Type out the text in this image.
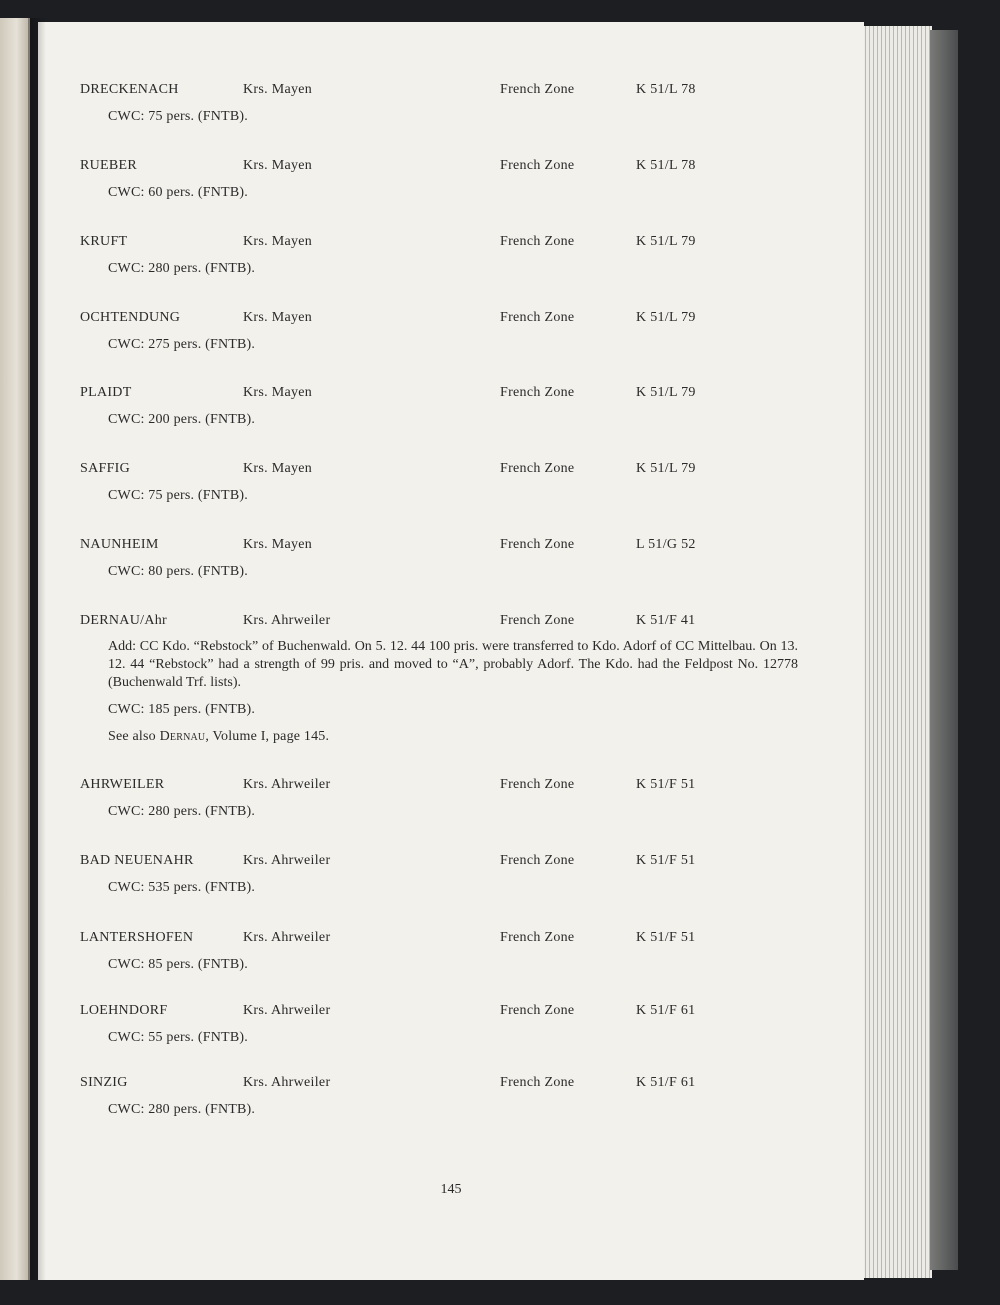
DRECKENACH	Krs. Mayen	French Zone	K 51/L 78
CWC: 75 pers. (FNTB).
RUEBER	Krs. Mayen	French Zone	K 51/L 78
CWC: 60 pers. (FNTB).
KRUFT	Krs. Mayen	French Zone	K 51/L 79
CWC: 280 pers. (FNTB).
OCHTENDUNG	Krs. Mayen	French Zone	K 51/L 79
CWC: 275 pers. (FNTB).
PLAIDT	Krs. Mayen	French Zone	K 51/L 79
CWC: 200 pers. (FNTB).
SAFFIG	Krs. Mayen	French Zone	K 51/L 79
CWC: 75 pers. (FNTB).
NAUNHEIM	Krs. Mayen	French Zone	L 51/G 52
CWC: 80 pers. (FNTB).
DERNAU/Ahr	Krs. Ahrweiler	French Zone	K 51/F 41
Add: CC Kdo. “Rebstock” of Buchenwald. On 5. 12. 44 100 pris. were transferred to Kdo. Adorf of CC Mittelbau. On 13. 12. 44 “Rebstock” had a strength of 99 pris. and moved to “A”, probably Adorf. The Kdo. had the Feldpost No. 12778 (Buchenwald Trf. lists).
CWC: 185 pers. (FNTB).
See also Dernau, Volume I, page 145.
AHRWEILER	Krs. Ahrweiler	French Zone	K 51/F 51
CWC: 280 pers. (FNTB).
BAD NEUENAHR	Krs. Ahrweiler	French Zone	K 51/F 51
CWC: 535 pers. (FNTB).
LANTERSHOFEN	Krs. Ahrweiler	French Zone	K 51/F 51
CWC: 85 pers. (FNTB).
LOEHNDORF	Krs. Ahrweiler	French Zone	K 51/F 61
CWC: 55 pers. (FNTB).
SINZIG	Krs. Ahrweiler	French Zone	K 51/F 61
CWC: 280 pers. (FNTB).
145
